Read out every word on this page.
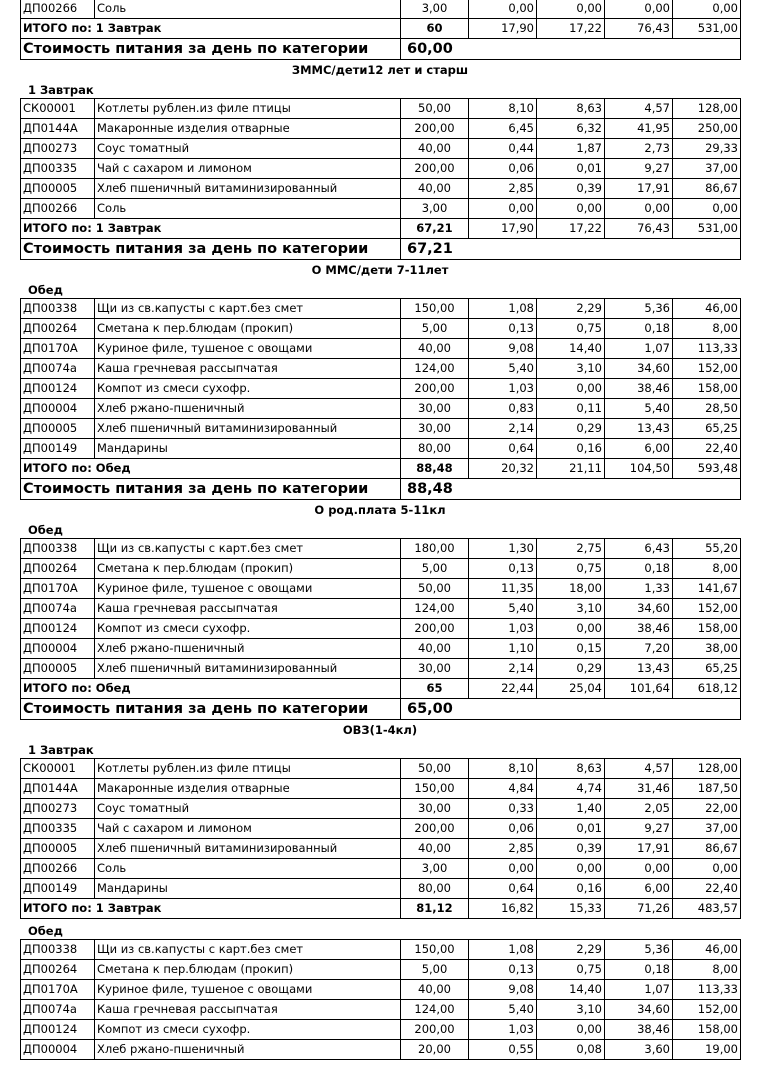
ДП00266	Соль	3,00	0,00	0,00	0,00	0,00
ИТОГО по: 1 Завтрак		60	17,90	17,22	76,43	531,00
Стоимость питания за день по категории		60,00				
ЗММС/дети12 лет и старш
1 Завтрак
СК00001	Котлеты рублен.из филе птицы	50,00	8,10	8,63	4,57	128,00
ДП0144А	Макаронные изделия отварные	200,00	6,45	6,32	41,95	250,00
ДП00273	Соус томатный	40,00	0,44	1,87	2,73	29,33
ДП00335	Чай с сахаром и лимоном	200,00	0,06	0,01	9,27	37,00
ДП00005	Хлеб пшеничный витаминизированный	40,00	2,85	0,39	17,91	86,67
ДП00266	Соль	3,00	0,00	0,00	0,00	0,00
ИТОГО по: 1 Завтрак		67,21	17,90	17,22	76,43	531,00
Стоимость питания за день по категории		67,21				
О ММС/дети 7-11лет
Обед
ДП00338	Щи из св.капусты с карт.без смет	150,00	1,08	2,29	5,36	46,00
ДП00264	Сметана к пер.блюдам (прокип)	5,00	0,13	0,75	0,18	8,00
ДП0170А	Куриное филе, тушеное с овощами	40,00	9,08	14,40	1,07	113,33
ДП0074а	Каша гречневая рассыпчатая	124,00	5,40	3,10	34,60	152,00
ДП00124	Компот из смеси сухофр.	200,00	1,03	0,00	38,46	158,00
ДП00004	Хлеб ржано-пшеничный	30,00	0,83	0,11	5,40	28,50
ДП00005	Хлеб пшеничный витаминизированный	30,00	2,14	0,29	13,43	65,25
ДП00149	Мандарины	80,00	0,64	0,16	6,00	22,40
ИТОГО по: Обед		88,48	20,32	21,11	104,50	593,48
Стоимость питания за день по категории		88,48				
О род.плата 5-11кл
Обед
ДП00338	Щи из св.капусты с карт.без смет	180,00	1,30	2,75	6,43	55,20
ДП00264	Сметана к пер.блюдам (прокип)	5,00	0,13	0,75	0,18	8,00
ДП0170А	Куриное филе, тушеное с овощами	50,00	11,35	18,00	1,33	141,67
ДП0074а	Каша гречневая рассыпчатая	124,00	5,40	3,10	34,60	152,00
ДП00124	Компот из смеси сухофр.	200,00	1,03	0,00	38,46	158,00
ДП00004	Хлеб ржано-пшеничный	40,00	1,10	0,15	7,20	38,00
ДП00005	Хлеб пшеничный витаминизированный	30,00	2,14	0,29	13,43	65,25
ИТОГО по: Обед		65	22,44	25,04	101,64	618,12
Стоимость питания за день по категории		65,00				
ОВЗ(1-4кл)
1 Завтрак
СК00001	Котлеты рублен.из филе птицы	50,00	8,10	8,63	4,57	128,00
ДП0144А	Макаронные изделия отварные	150,00	4,84	4,74	31,46	187,50
ДП00273	Соус томатный	30,00	0,33	1,40	2,05	22,00
ДП00335	Чай с сахаром и лимоном	200,00	0,06	0,01	9,27	37,00
ДП00005	Хлеб пшеничный витаминизированный	40,00	2,85	0,39	17,91	86,67
ДП00266	Соль	3,00	0,00	0,00	0,00	0,00
ДП00149	Мандарины	80,00	0,64	0,16	6,00	22,40
ИТОГО по: 1 Завтрак		81,12	16,82	15,33	71,26	483,57
Обед
ДП00338	Щи из св.капусты с карт.без смет	150,00	1,08	2,29	5,36	46,00
ДП00264	Сметана к пер.блюдам (прокип)	5,00	0,13	0,75	0,18	8,00
ДП0170А	Куриное филе, тушеное с овощами	40,00	9,08	14,40	1,07	113,33
ДП0074а	Каша гречневая рассыпчатая	124,00	5,40	3,10	34,60	152,00
ДП00124	Компот из смеси сухофр.	200,00	1,03	0,00	38,46	158,00
ДП00004	Хлеб ржано-пшеничный	20,00	0,55	0,08	3,60	19,00
